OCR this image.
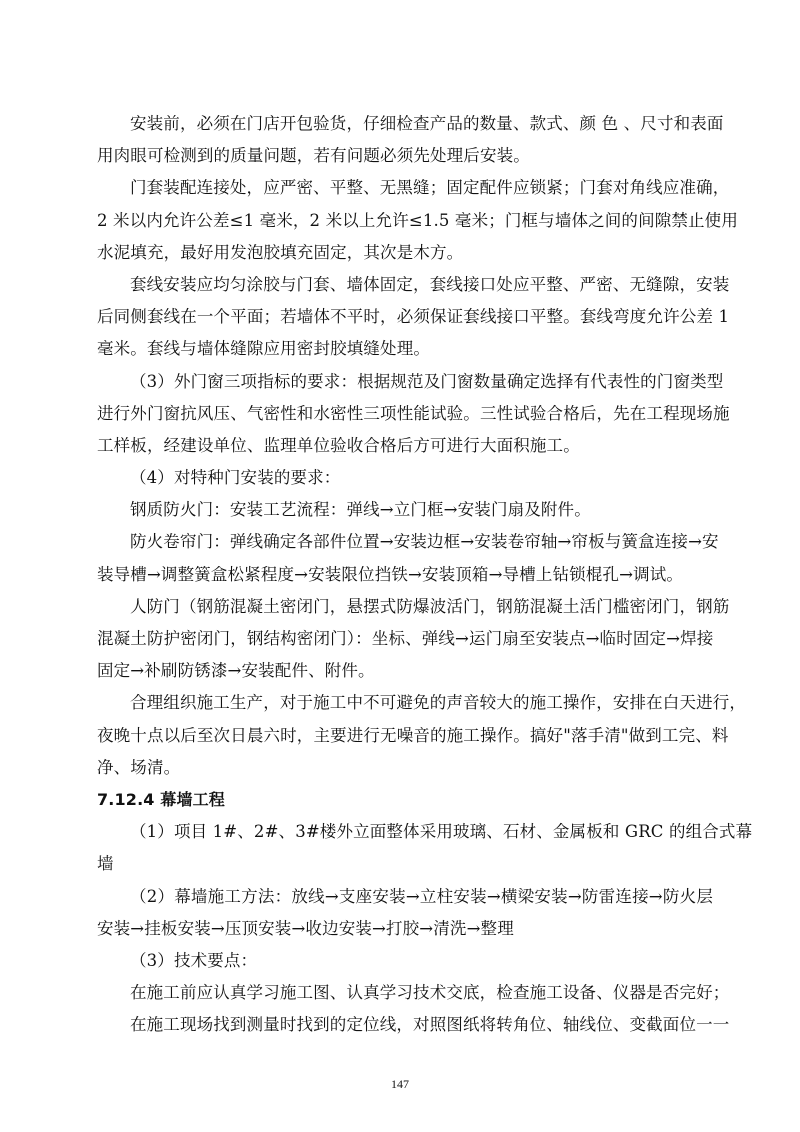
安装前，必须在门店开包验货，仔细检查产品的数量、款式、颜 色 、尺寸和表面
用肉眼可检测到的质量问题，若有问题必须先处理后安装。
门套装配连接处，应严密、平整、无黑缝；固定配件应锁紧；门套对角线应准确，
2 米以内允许公差≤1 毫米，2 米以上允许≤1.5 毫米；门框与墙体之间的间隙禁止使用
水泥填充，最好用发泡胶填充固定，其次是木方。
套线安装应均匀涂胶与门套、墙体固定，套线接口处应平整、严密、无缝隙，安装
后同侧套线在一个平面；若墙体不平时，必须保证套线接口平整。套线弯度允许公差 1
毫米。套线与墙体缝隙应用密封胶填缝处理。
（3）外门窗三项指标的要求：根据规范及门窗数量确定选择有代表性的门窗类型
进行外门窗抗风压、气密性和水密性三项性能试验。三性试验合格后，先在工程现场施
工样板，经建设单位、监理单位验收合格后方可进行大面积施工。
（4）对特种门安装的要求：
钢质防火门：安装工艺流程：弹线→立门框→安装门扇及附件。
防火卷帘门：弹线确定各部件位置→安装边框→安装卷帘轴→帘板与簧盒连接→安
装导槽→调整簧盒松紧程度→安装限位挡铁→安装顶箱→导槽上钻锁棍孔→调试。
人防门（钢筋混凝土密闭门，悬摆式防爆波活门，钢筋混凝土活门槛密闭门，钢筋
混凝土防护密闭门，钢结构密闭门）：坐标、弹线→运门扇至安装点→临时固定→焊接
固定→补刷防锈漆→安装配件、附件。
合理组织施工生产，对于施工中不可避免的声音较大的施工操作，安排在白天进行，
夜晚十点以后至次日晨六时，主要进行无噪音的施工操作。搞好"落手清"做到工完、料
净、场清。
7.12.4 幕墙工程
（1）项目 1#、2#、3#楼外立面整体采用玻璃、石材、金属板和 GRC 的组合式幕
墙
（2）幕墙施工方法：放线→支座安装→立柱安装→横梁安装→防雷连接→防火层
安装→挂板安装→压顶安装→收边安装→打胶→清洗→整理
（3）技术要点：
在施工前应认真学习施工图、认真学习技术交底，检查施工设备、仪器是否完好；
在施工现场找到测量时找到的定位线，对照图纸将转角位、轴线位、变截面位一一
147
